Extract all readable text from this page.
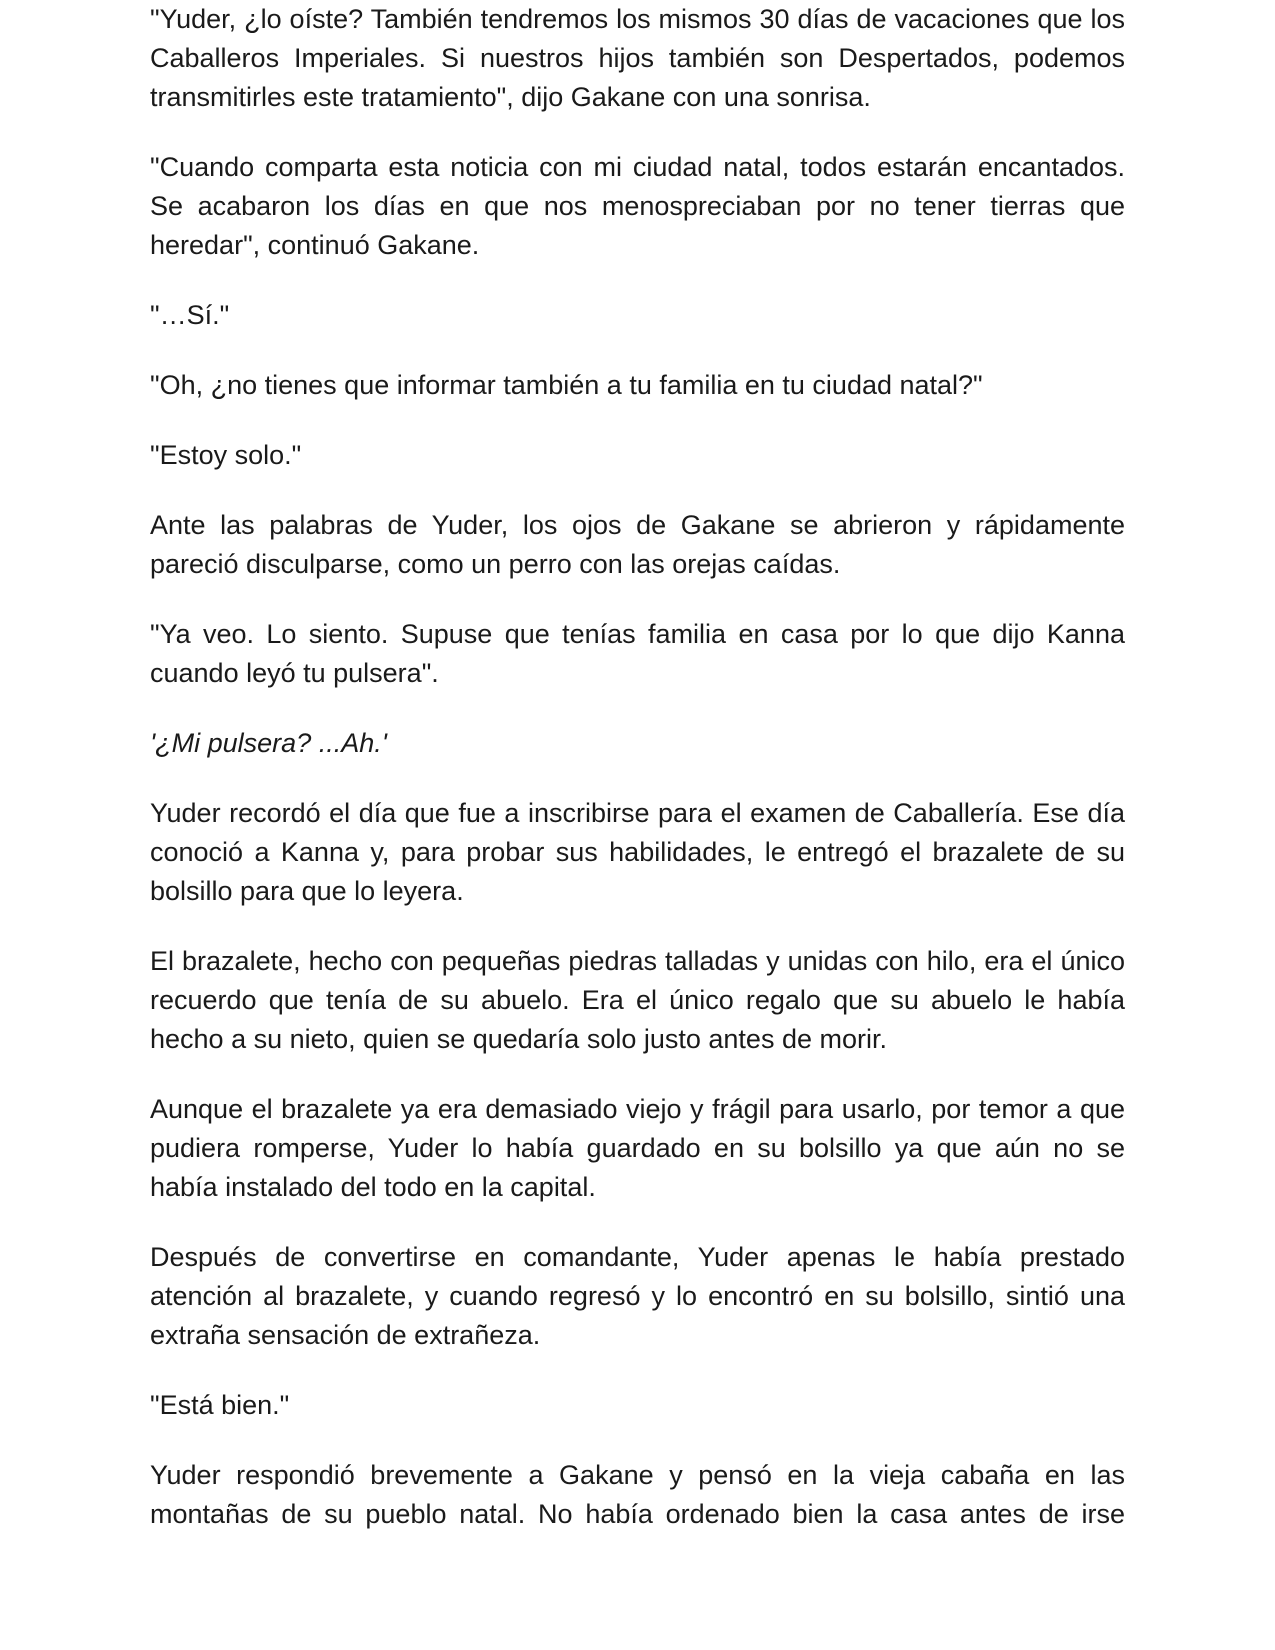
"Yuder, ¿lo oíste? También tendremos los mismos 30 días de vacaciones que los Caballeros Imperiales. Si nuestros hijos también son Despertados, podemos transmitirles este tratamiento", dijo Gakane con una sonrisa.

"Cuando comparta esta noticia con mi ciudad natal, todos estarán encantados. Se acabaron los días en que nos menospreciaban por no tener tierras que heredar", continuó Gakane.

"…Sí."

"Oh, ¿no tienes que informar también a tu familia en tu ciudad natal?"

"Estoy solo."

Ante las palabras de Yuder, los ojos de Gakane se abrieron y rápidamente pareció disculparse, como un perro con las orejas caídas.

"Ya veo. Lo siento. Supuse que tenías familia en casa por lo que dijo Kanna cuando leyó tu pulsera".

'¿Mi pulsera? ...Ah.'

Yuder recordó el día que fue a inscribirse para el examen de Caballería. Ese día conoció a Kanna y, para probar sus habilidades, le entregó el brazalete de su bolsillo para que lo leyera.

El brazalete, hecho con pequeñas piedras talladas y unidas con hilo, era el único recuerdo que tenía de su abuelo. Era el único regalo que su abuelo le había hecho a su nieto, quien se quedaría solo justo antes de morir.

Aunque el brazalete ya era demasiado viejo y frágil para usarlo, por temor a que pudiera romperse, Yuder lo había guardado en su bolsillo ya que aún no se había instalado del todo en la capital.

Después de convertirse en comandante, Yuder apenas le había prestado atención al brazalete, y cuando regresó y lo encontró en su bolsillo, sintió una extraña sensación de extrañeza.

"Está bien."

Yuder respondió brevemente a Gakane y pensó en la vieja cabaña en las montañas de su pueblo natal. No había ordenado bien la casa antes de irse
